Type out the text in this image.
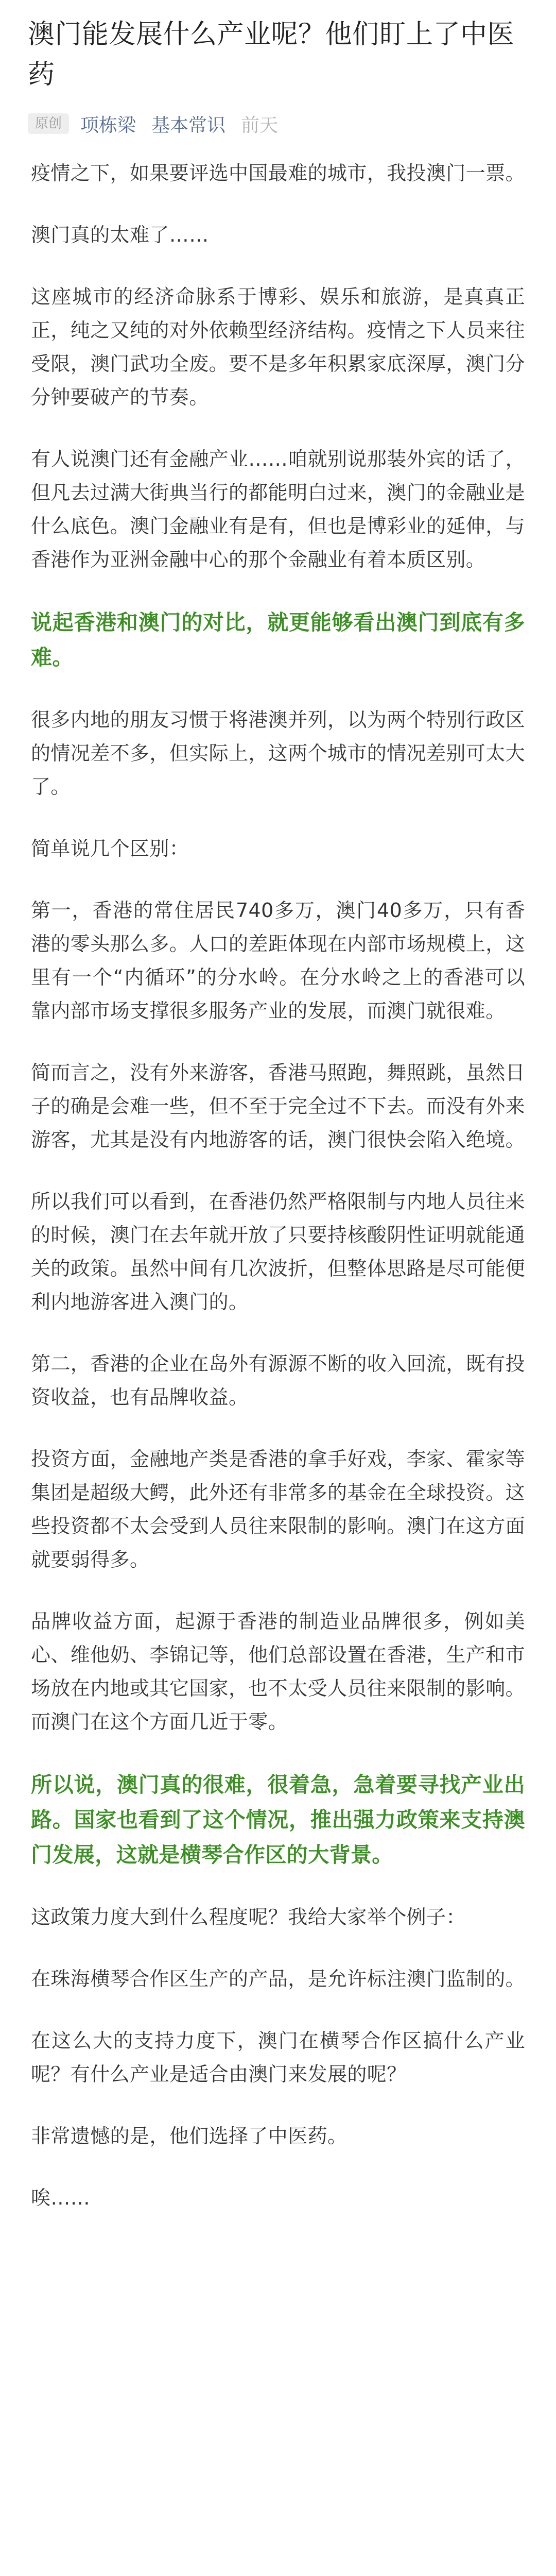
澳门能发展什么产业呢？他们盯上了中医药
原创	项栋梁 基本常识 前天

疫情之下，如果要评选中国最难的城市，我投澳门一票。

澳门真的太难了……

这座城市的经济命脉系于博彩、娱乐和旅游，是真真正正，纯之又纯的对外依赖型经济结构。疫情之下人员来往受限，澳门武功全废。要不是多年积累家底深厚，澳门分分钟要破产的节奏。

有人说澳门还有金融产业……咱就别说那装外宾的话了，但凡去过满大街典当行的都能明白过来，澳门的金融业是什么底色。澳门金融业有是有，但也是博彩业的延伸，与香港作为亚洲金融中心的那个金融业有着本质区别。

说起香港和澳门的对比，就更能够看出澳门到底有多难。

很多内地的朋友习惯于将港澳并列，以为两个特别行政区的情况差不多，但实际上，这两个城市的情况差别可太大了。

简单说几个区别：

第一，香港的常住居民740多万，澳门40多万，只有香港的零头那么多。人口的差距体现在内部市场规模上，这里有一个“内循环”的分水岭。在分水岭之上的香港可以靠内部市场支撑很多服务产业的发展，而澳门就很难。

简而言之，没有外来游客，香港马照跑，舞照跳，虽然日子的确是会难一些，但不至于完全过不下去。而没有外来游客，尤其是没有内地游客的话，澳门很快会陷入绝境。

所以我们可以看到，在香港仍然严格限制与内地人员往来的时候，澳门在去年就开放了只要持核酸阴性证明就能通关的政策。虽然中间有几次波折，但整体思路是尽可能便利内地游客进入澳门的。

第二，香港的企业在岛外有源源不断的收入回流，既有投资收益，也有品牌收益。

投资方面，金融地产类是香港的拿手好戏，李家、霍家等集团是超级大鳄，此外还有非常多的基金在全球投资。这些投资都不太会受到人员往来限制的影响。澳门在这方面就要弱得多。

品牌收益方面，起源于香港的制造业品牌很多，例如美心、维他奶、李锦记等，他们总部设置在香港，生产和市场放在内地或其它国家，也不太受人员往来限制的影响。而澳门在这个方面几近于零。

所以说，澳门真的很难，很着急，急着要寻找产业出路。国家也看到了这个情况，推出强力政策来支持澳门发展，这就是横琴合作区的大背景。

这政策力度大到什么程度呢？我给大家举个例子：

在珠海横琴合作区生产的产品，是允许标注澳门监制的。

在这么大的支持力度下，澳门在横琴合作区搞什么产业呢？有什么产业是适合由澳门来发展的呢？

非常遗憾的是，他们选择了中医药。

唉……
